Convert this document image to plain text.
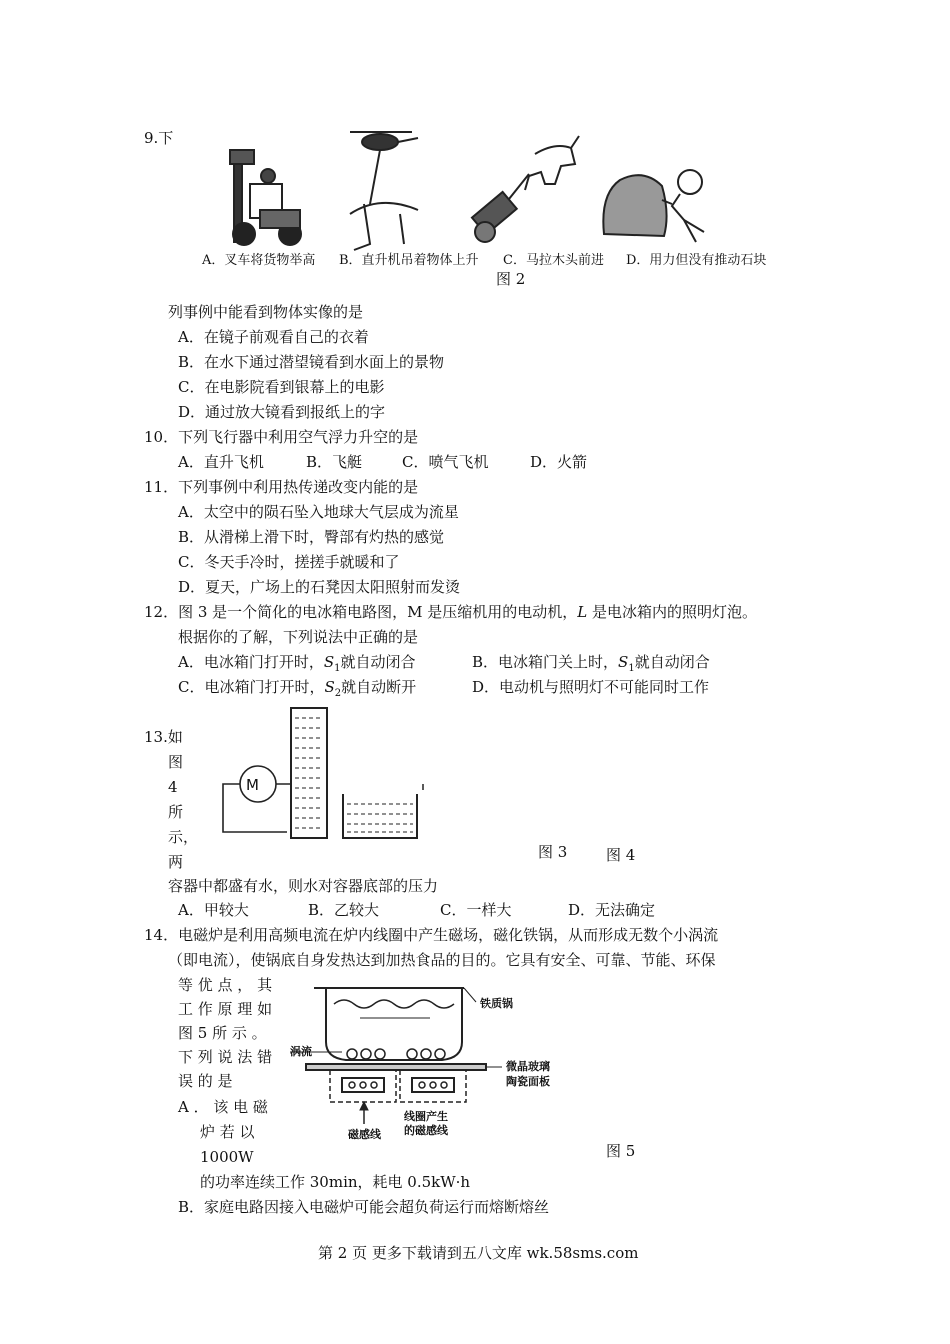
9.下
A．叉车将货物举高 B．直升机吊着物体上升 C．马拉木头前进 D．用力但没有推动石块
图 2
列事例中能看到物体实像的是
A．在镜子前观看自己的衣着
B．在水下通过潜望镜看到水面上的景物
C．在电影院看到银幕上的电影
D．通过放大镜看到报纸上的字
10．下列飞行器中利用空气浮力升空的是
A．直升飞机	B．飞艇	C．喷气飞机	D．火箭
11．下列事例中利用热传递改变内能的是
A．太空中的陨石坠入地球大气层成为流星
B．从滑梯上滑下时，臀部有灼热的感觉
C．冬天手冷时，搓搓手就暖和了
D．夏天，广场上的石凳因太阳照射而发烫
12．图 3 是一个简化的电冰箱电路图，M 是压缩机用的电动机，L 是电冰箱内的照明灯泡。
根据你的了解，下列说法中正确的是
A．电冰箱门打开时，$S_1$就自动闭合	B．电冰箱门关上时，$S_1$就自动闭合
C．电冰箱门打开时，$S_2$就自动断开	D．电动机与照明灯不可能同时工作
13.如
图
4
所
示，
两
M
图 3	图 4
容器中都盛有水，则水对容器底部的压力
A．甲较大	B．乙较大	C．一样大	D．无法确定
14．电磁炉是利用高频电流在炉内线圈中产生磁场，磁化铁锅，从而形成无数个小涡流
（即电流），使锅底自身发热达到加热食品的目的。它具有安全、可靠、节能、环保
等 优 点 ， 其
工 作 原 理 如
图 5 所 示 。
下 列 说 法 错
误 的 是
A ． 该 电 磁
炉 若 以
1000W
的功率连续工作 30min，耗电 0.5kW·h
B．家庭电路因接入电磁炉可能会超负荷运行而熔断熔丝
铁质锅
涡流
微晶玻璃
陶瓷面板
线圈产生
的磁感线
磁感线
图 5
第 2 页 更多下载请到五八文库 wk.58sms.com
